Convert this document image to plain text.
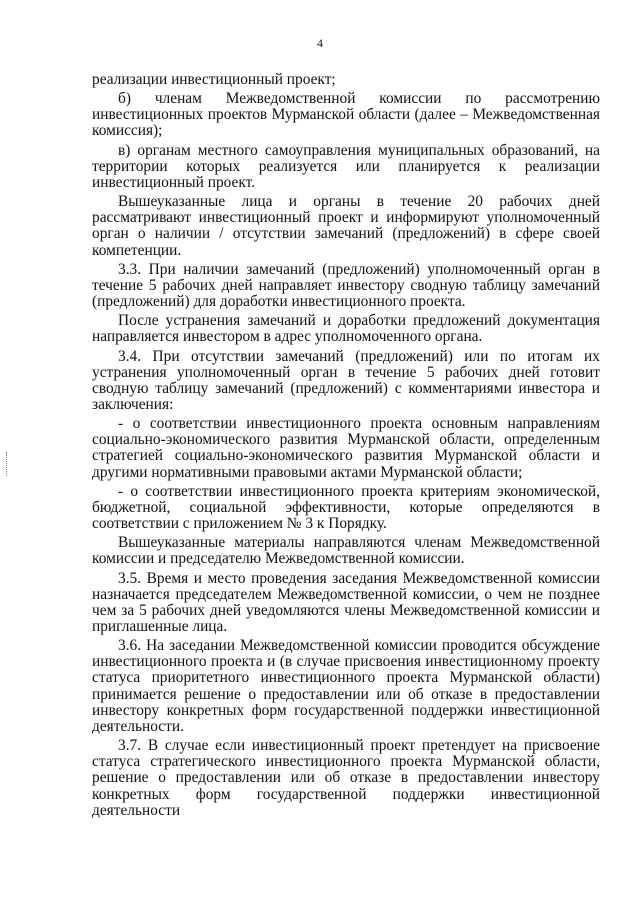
4

реализации инвестиционный проект;

б) членам Межведомственной комиссии по рассмотрению инвестиционных проектов Мурманской области (далее – Межведомственная комиссия);

в) органам местного самоуправления муниципальных образований, на территории которых реализуется или планируется к реализации инвестиционный проект.

Вышеуказанные лица и органы в течение 20 рабочих дней рассматривают инвестиционный проект и информируют уполномоченный орган о наличии / отсутствии замечаний (предложений) в сфере своей компетенции.

3.3. При наличии замечаний (предложений) уполномоченный орган в течение 5 рабочих дней направляет инвестору сводную таблицу замечаний (предложений) для доработки инвестиционного проекта.

После устранения замечаний и доработки предложений документация направляется инвестором в адрес уполномоченного органа.

3.4. При отсутствии замечаний (предложений) или по итогам их устранения уполномоченный орган в течение 5 рабочих дней готовит сводную таблицу замечаний (предложений) с комментариями инвестора и заключения:

- о соответствии инвестиционного проекта основным направлениям социально-экономического развития Мурманской области, определенным стратегией социально-экономического развития Мурманской области и другими нормативными правовыми актами Мурманской области;

- о соответствии инвестиционного проекта критериям экономической, бюджетной, социальной эффективности, которые определяются в соответствии с приложением № 3 к Порядку.

Вышеуказанные материалы направляются членам Межведомственной комиссии и председателю Межведомственной комиссии.

3.5. Время и место проведения заседания Межведомственной комиссии назначается председателем Межведомственной комиссии, о чем не позднее чем за 5 рабочих дней уведомляются члены Межведомственной комиссии и приглашенные лица.

3.6. На заседании Межведомственной комиссии проводится обсуждение инвестиционного проекта и (в случае присвоения инвестиционному проекту статуса приоритетного инвестиционного проекта Мурманской области) принимается решение о предоставлении или об отказе в предоставлении инвестору конкретных форм государственной поддержки инвестиционной деятельности.

3.7. В случае если инвестиционный проект претендует на присвоение статуса стратегического инвестиционного проекта Мурманской области, решение о предоставлении или об отказе в предоставлении инвестору конкретных форм государственной поддержки инвестиционной деятельности
